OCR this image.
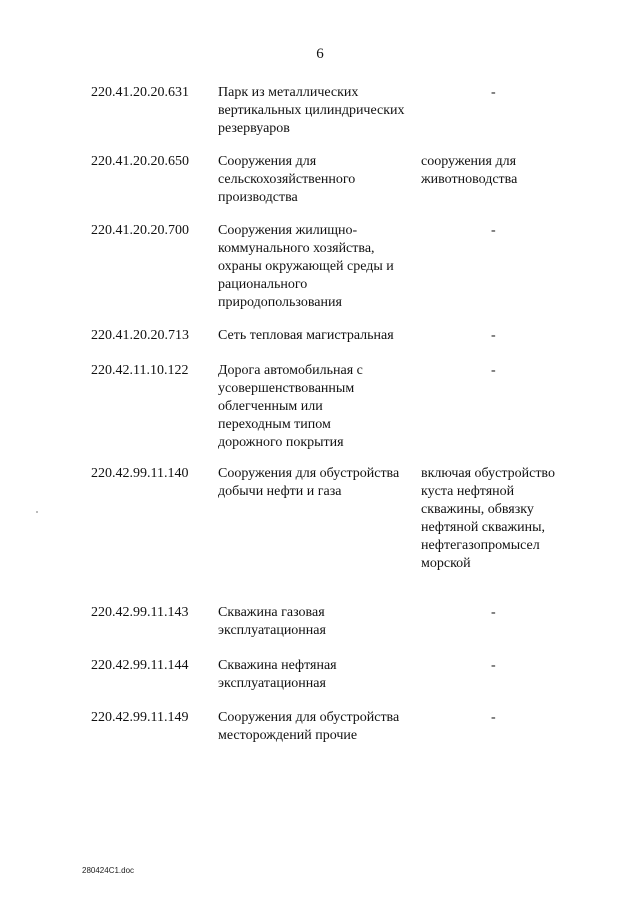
6
220.41.20.20.631 Парк из металлических вертикальных цилиндрических резервуаров
-
220.41.20.20.650 Сооружения для сельскохозяйственного производства
сооружения для животноводства
220.41.20.20.700 Сооружения жилищно-коммунального хозяйства, охраны окружающей среды и рационального природопользования
-
220.41.20.20.713 Сеть тепловая магистральная	-
220.42.11.10.122 Дорога автомобильная с усовершенствованным облегченным или переходным типом дорожного покрытия
-
220.42.99.11.140 Сооружения для обустройства добычи нефти и газа
включая обустройство куста нефтяной скважины, обвязку нефтяной скважины, нефтегазопромысел морской
220.42.99.11.143 Скважина газовая эксплуатационная
-
220.42.99.11.144 Скважина нефтяная эксплуатационная
-
220.42.99.11.149 Сооружения для обустройства месторождений прочие
-
280424C1.doc
